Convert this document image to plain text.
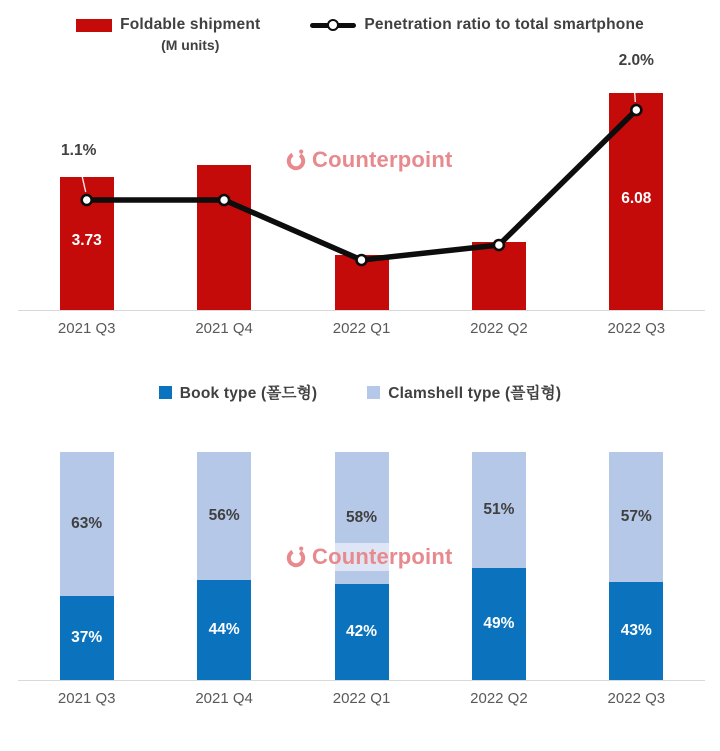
Foldable shipment
(M units)
Penetration ratio to total smartphone
Counterpoint
3.73
6.08
1.1%
2.0%
2021 Q3	2021 Q4	2022 Q1	2022 Q2	2022 Q3
Book type (폴드형)	Clamshell type (플립형)
Counterpoint
63%
37%
56%
44%
58%
42%
51%
49%
57%
43%
2021 Q3	2021 Q4	2022 Q1	2022 Q2	2022 Q3
